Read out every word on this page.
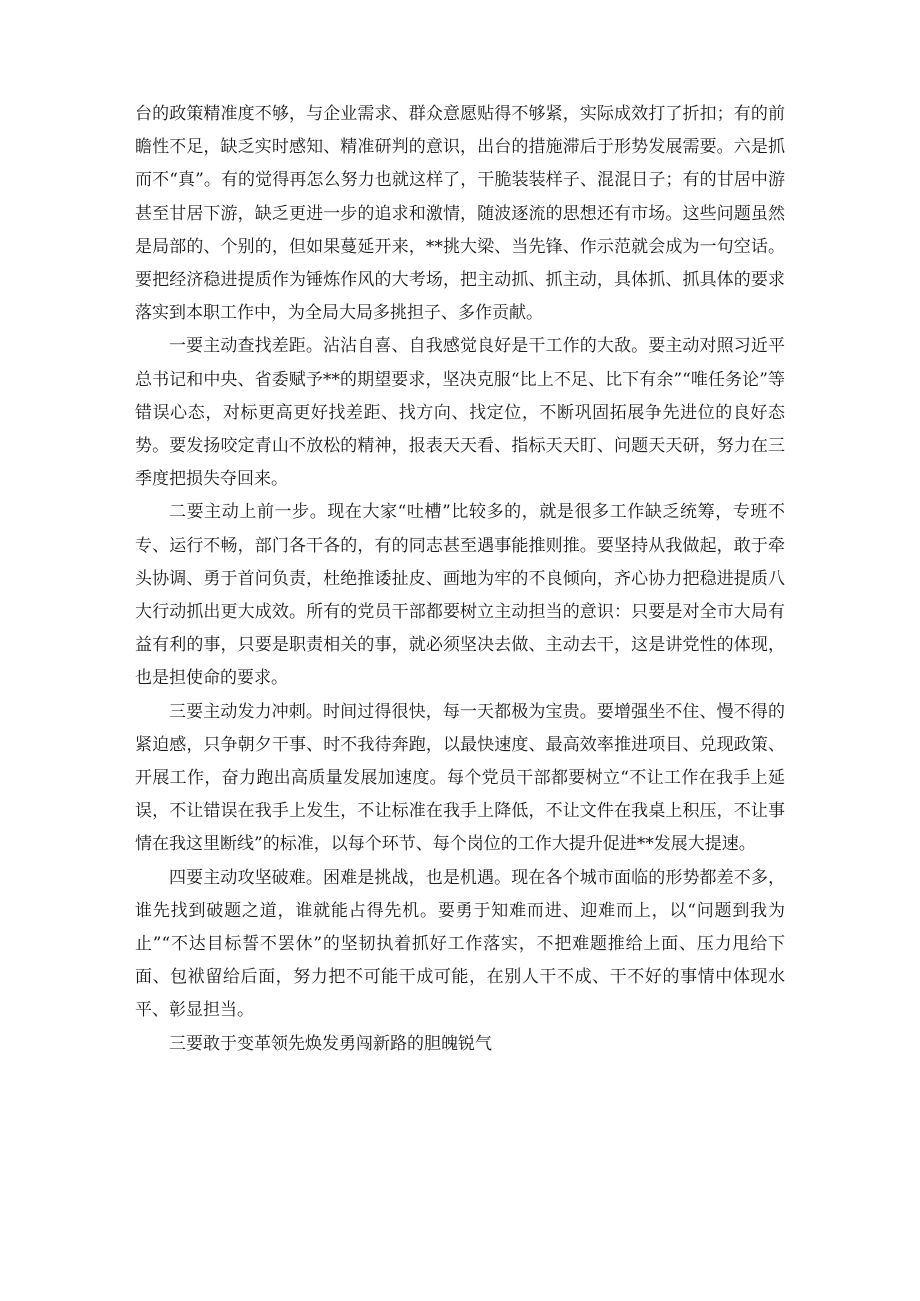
台的政策精准度不够，与企业需求、群众意愿贴得不够紧，实际成效打了折扣；有的前瞻性不足，缺乏实时感知、精准研判的意识，出台的措施滞后于形势发展需要。六是抓而不“真”。有的觉得再怎么努力也就这样了，干脆装装样子、混混日子；有的甘居中游甚至甘居下游，缺乏更进一步的追求和激情，随波逐流的思想还有市场。这些问题虽然是局部的、个别的，但如果蔓延开来，**挑大梁、当先锋、作示范就会成为一句空话。要把经济稳进提质作为锤炼作风的大考场，把主动抓、抓主动，具体抓、抓具体的要求落实到本职工作中，为全局大局多挑担子、多作贡献。

一要主动查找差距。沾沾自喜、自我感觉良好是干工作的大敌。要主动对照习近平总书记和中央、省委赋予**的期望要求，坚决克服“比上不足、比下有余”“唯任务论”等错误心态，对标更高更好找差距、找方向、找定位，不断巩固拓展争先进位的良好态势。要发扬咬定青山不放松的精神，报表天天看、指标天天盯、问题天天研，努力在三季度把损失夺回来。

二要主动上前一步。现在大家“吐槽”比较多的，就是很多工作缺乏统筹，专班不专、运行不畅，部门各干各的，有的同志甚至遇事能推则推。要坚持从我做起，敢于牵头协调、勇于首问负责，杜绝推诿扯皮、画地为牢的不良倾向，齐心协力把稳进提质八大行动抓出更大成效。所有的党员干部都要树立主动担当的意识：只要是对全市大局有益有利的事，只要是职责相关的事，就必须坚决去做、主动去干，这是讲党性的体现，也是担使命的要求。

三要主动发力冲刺。时间过得很快，每一天都极为宝贵。要增强坐不住、慢不得的紧迫感，只争朝夕干事、时不我待奔跑，以最快速度、最高效率推进项目、兑现政策、开展工作，奋力跑出高质量发展加速度。每个党员干部都要树立“不让工作在我手上延误，不让错误在我手上发生，不让标准在我手上降低，不让文件在我桌上积压，不让事情在我这里断线”的标准，以每个环节、每个岗位的工作大提升促进**发展大提速。

四要主动攻坚破难。困难是挑战，也是机遇。现在各个城市面临的形势都差不多，谁先找到破题之道，谁就能占得先机。要勇于知难而进、迎难而上，以“问题到我为止”“不达目标誓不罢休”的坚韧执着抓好工作落实，不把难题推给上面、压力甩给下面、包袱留给后面，努力把不可能干成可能，在别人干不成、干不好的事情中体现水平、彰显担当。

三要敢于变革领先焕发勇闯新路的胆魄锐气
